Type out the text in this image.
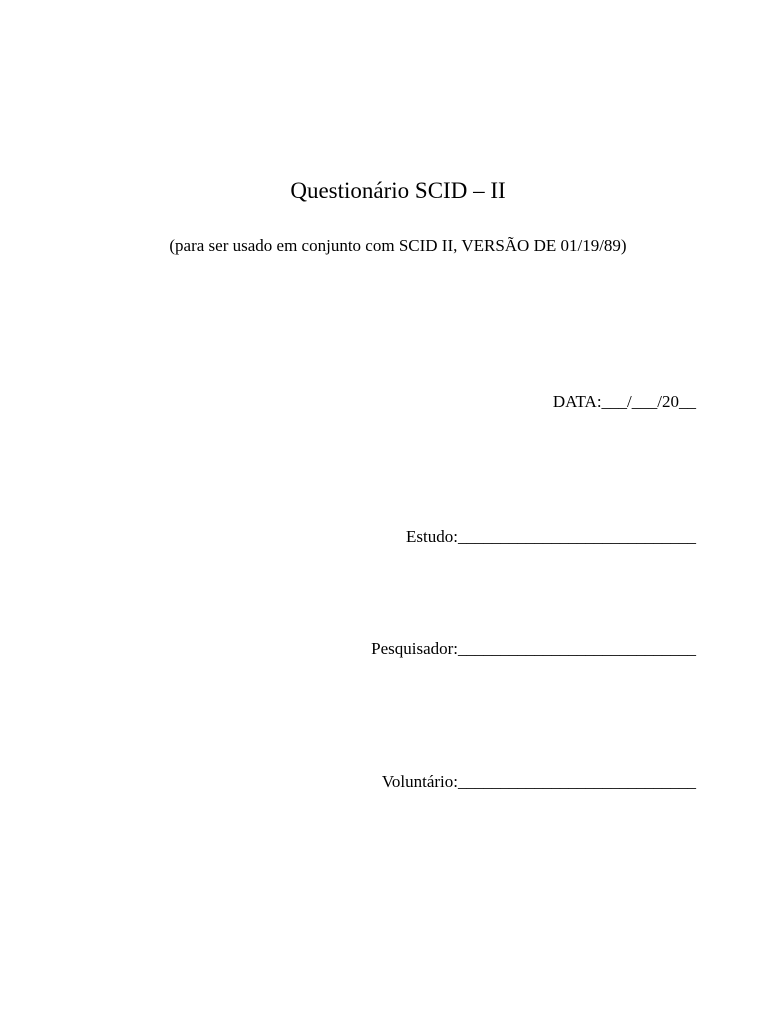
Questionário SCID – II
(para ser usado em conjunto com SCID II, VERSÃO DE 01/19/89)
DATA:___/___/20__
Estudo:____________________________
Pesquisador:____________________________
Voluntário:____________________________
